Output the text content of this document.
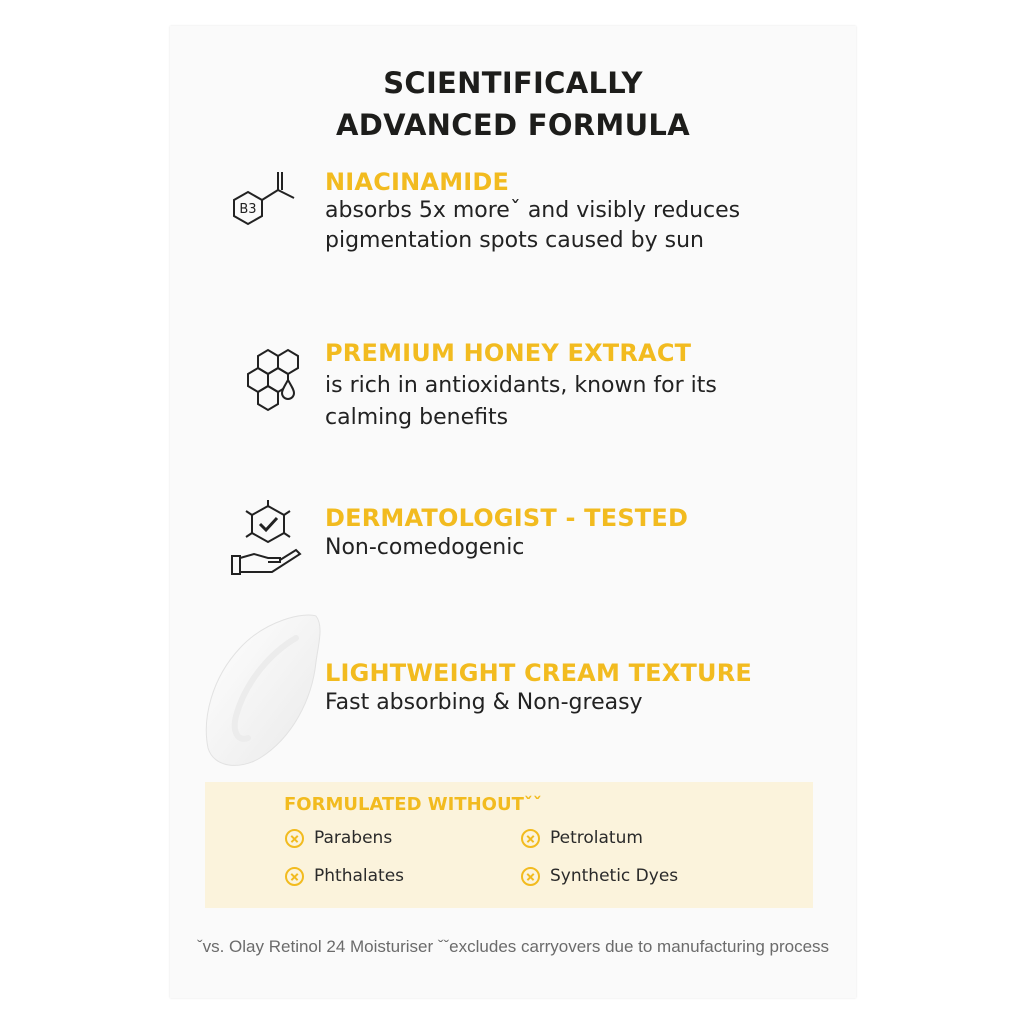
SCIENTIFICALLY
ADVANCED FORMULA
B3
NIACINAMIDE
absorbs 5x moreˇ and visibly reduces
pigmentation spots caused by sun
PREMIUM HONEY EXTRACT
is rich in antioxidants, known for its
calming benefits
DERMATOLOGIST - TESTED
Non-comedogenic
LIGHTWEIGHT CREAM TEXTURE
Fast absorbing & Non-greasy
FORMULATED WITHOUTˇˇ
Parabens	Petrolatum
Phthalates	Synthetic Dyes
ˇvs. Olay Retinol 24 Moisturiser ˇˇexcludes carryovers due to manufacturing process
